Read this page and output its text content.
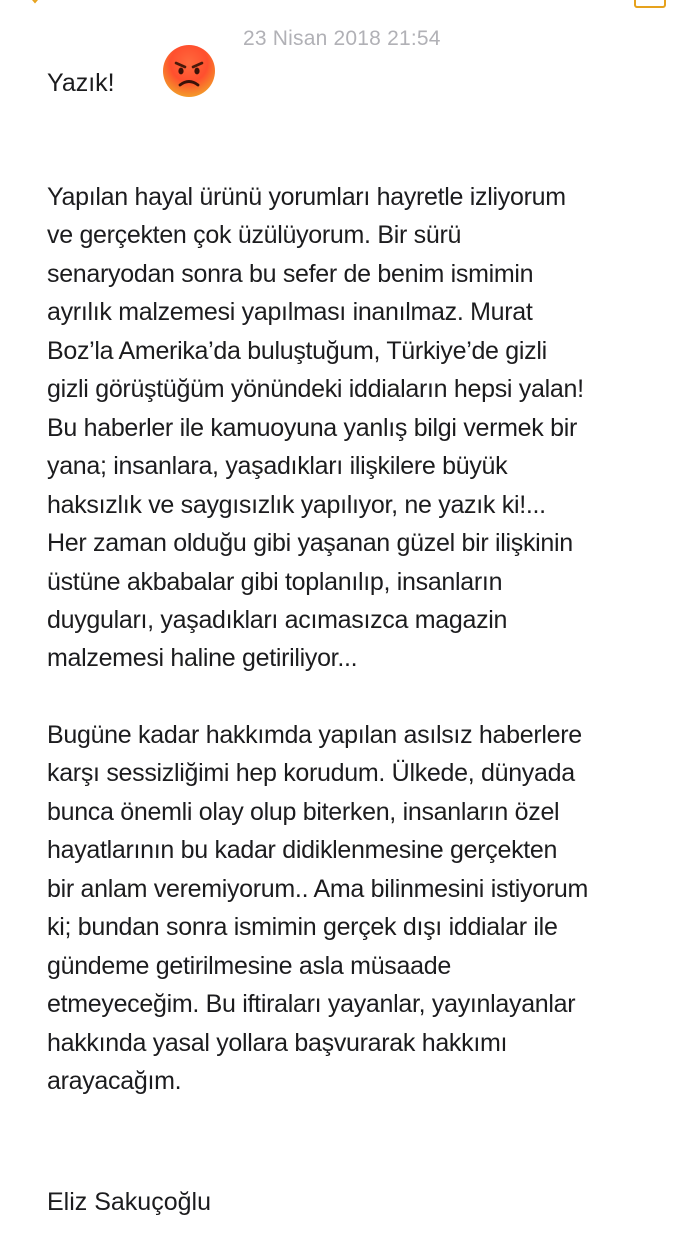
23 Nisan 2018 21:54
Yazık!

Yapılan hayal ürünü yorumları hayretle izliyorum
ve gerçekten çok üzülüyorum. Bir sürü
senaryodan sonra bu sefer de benim ismimin
ayrılık malzemesi yapılması inanılmaz. Murat
Boz’la Amerika’da buluştuğum, Türkiye’de gizli
gizli görüştüğüm yönündeki iddiaların hepsi yalan!
Bu haberler ile kamuoyuna yanlış bilgi vermek bir
yana; insanlara, yaşadıkları ilişkilere büyük
haksızlık ve saygısızlık yapılıyor, ne yazık ki!...
Her zaman olduğu gibi yaşanan güzel bir ilişkinin
üstüne akbabalar gibi toplanılıp, insanların
duyguları, yaşadıkları acımasızca magazin
malzemesi haline getiriliyor...

Bugüne kadar hakkımda yapılan asılsız haberlere
karşı sessizliğimi hep korudum. Ülkede, dünyada
bunca önemli olay olup biterken, insanların özel
hayatlarının bu kadar didiklenmesine gerçekten
bir anlam veremiyorum.. Ama bilinmesini istiyorum
ki; bundan sonra ismimin gerçek dışı iddialar ile
gündeme getirilmesine asla müsaade
etmeyeceğim. Bu iftiraları yayanlar, yayınlayanlar
hakkında yasal yollara başvurarak hakkımı
arayacağım.

Eliz Sakuçoğlu
